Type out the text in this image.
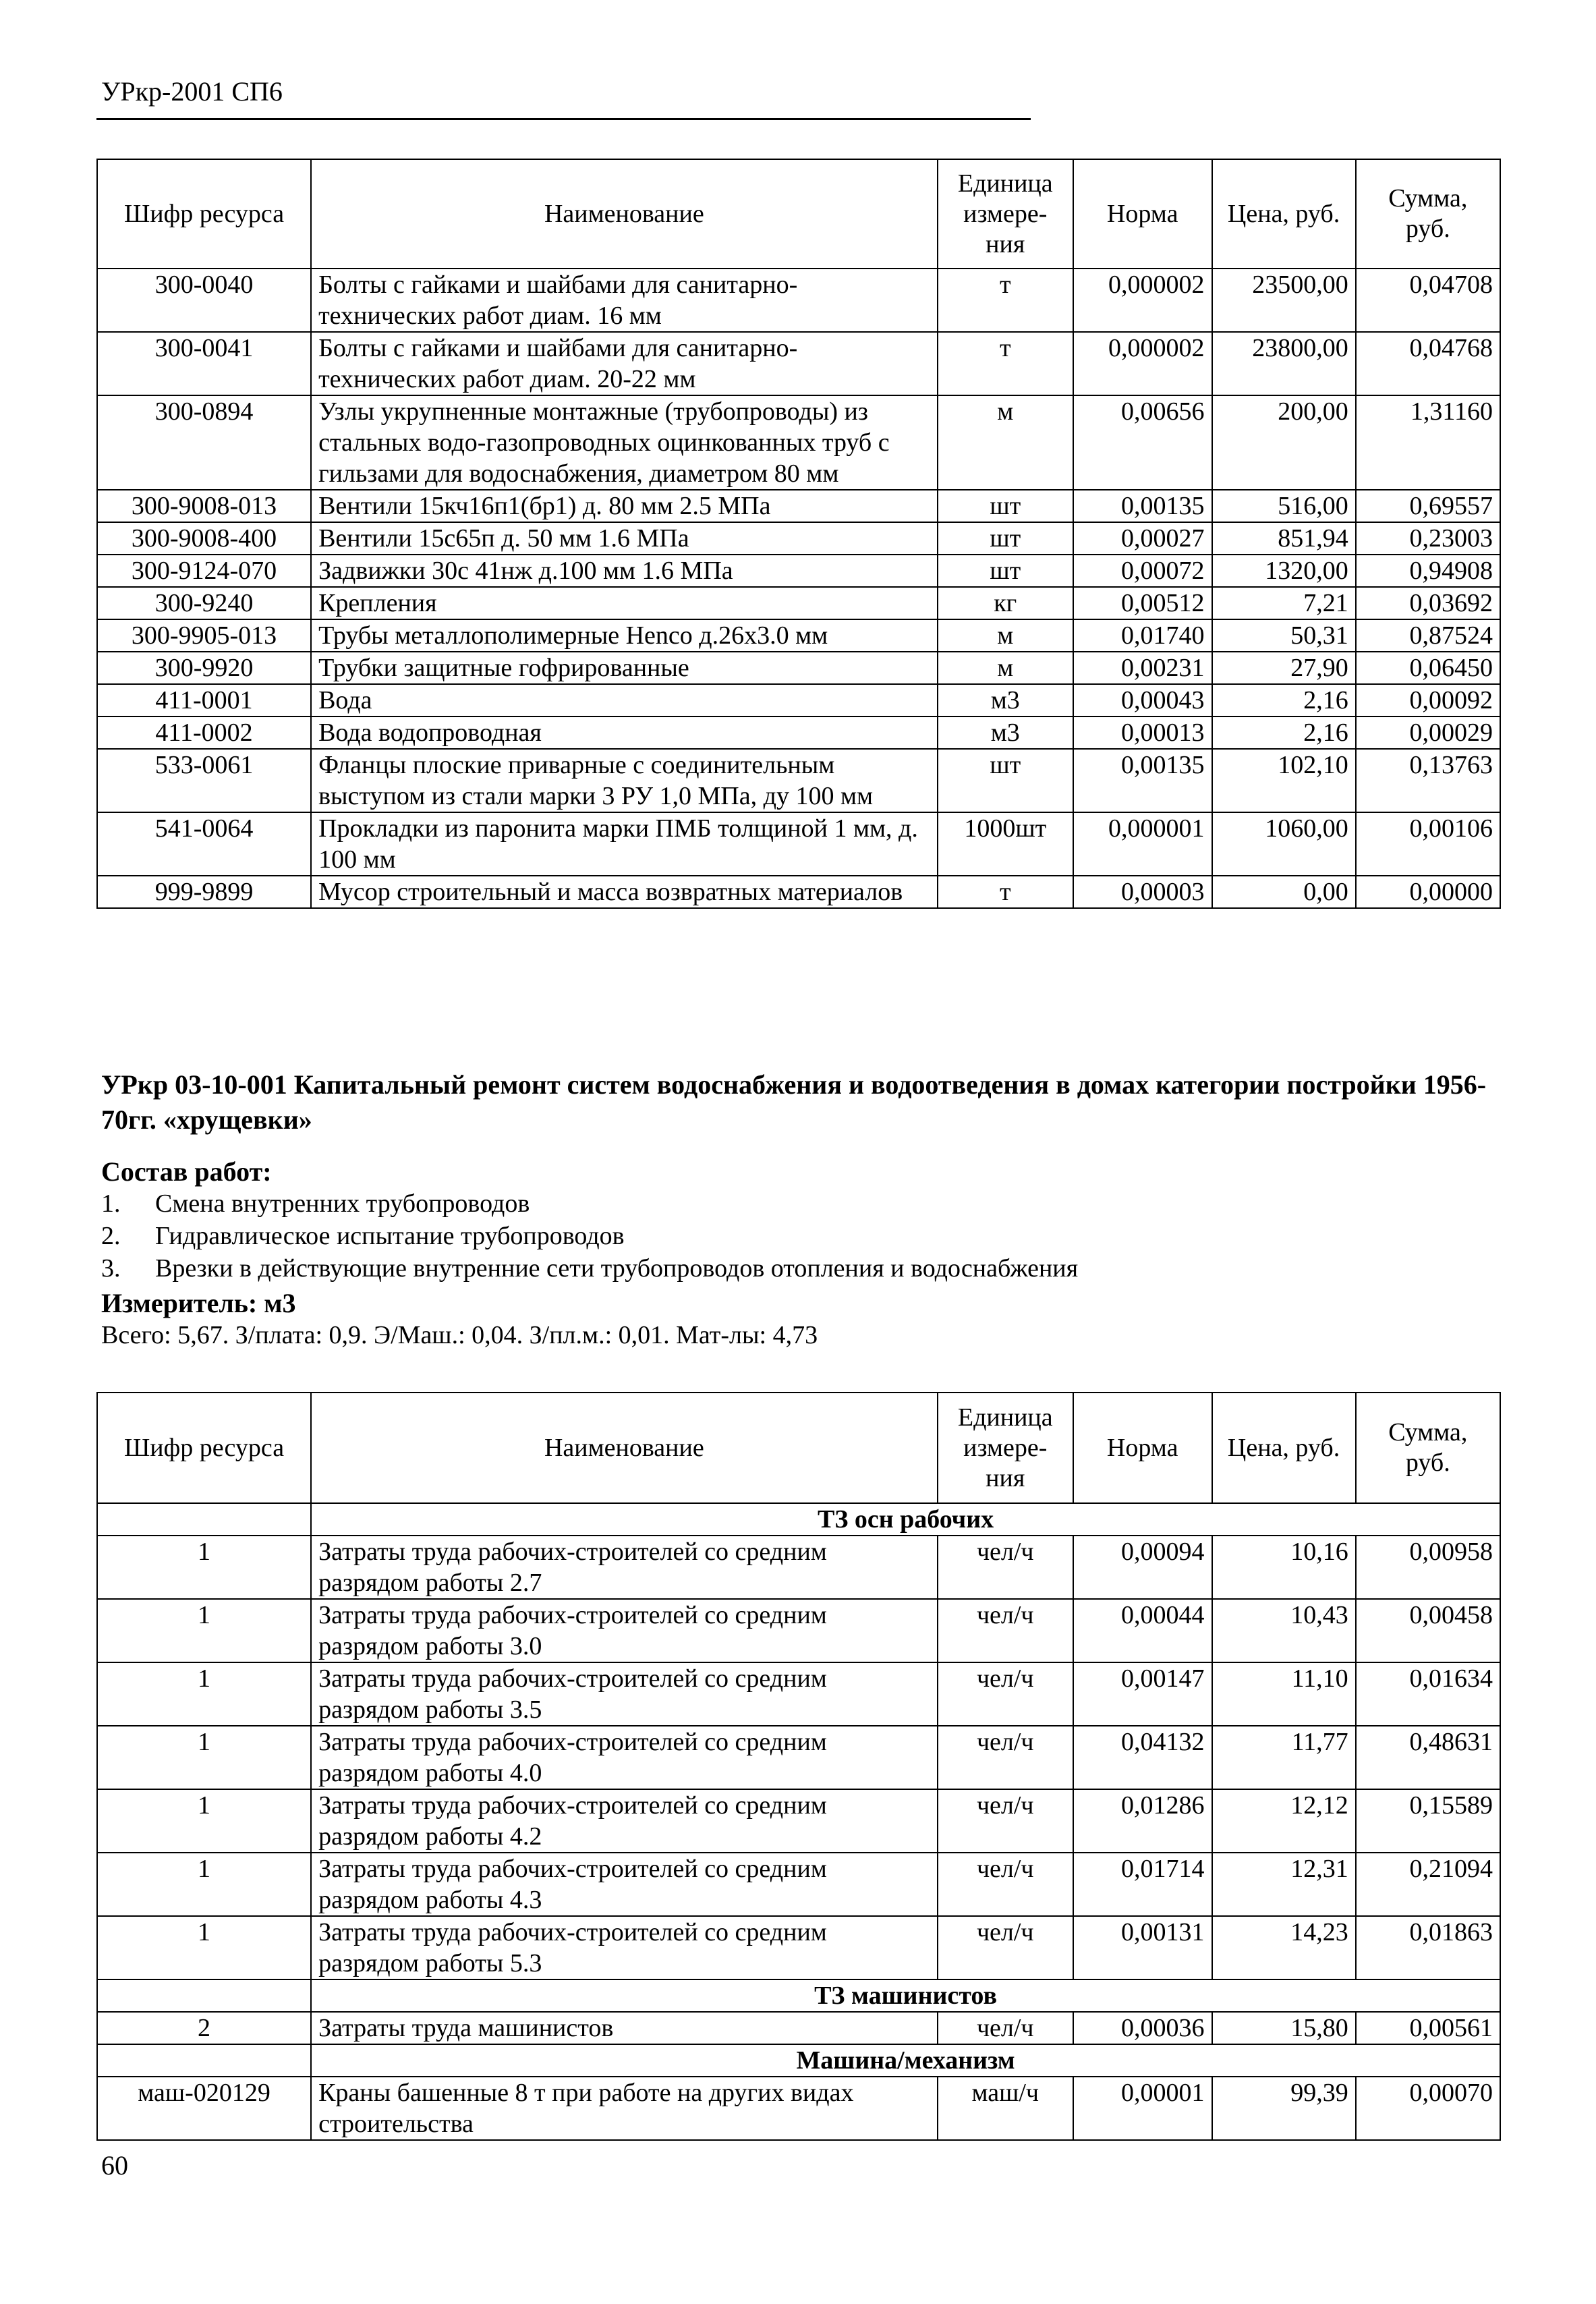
УРкр-2001 СП6
Шифр ресурса	Наименование	Единица измере- ния	Норма	Цена, руб.	Сумма, руб.
300-0040	Болты с гайками и шайбами для санитарно-технических работ диам. 16 мм	т	0,000002	23500,00	0,04708
300-0041	Болты с гайками и шайбами для санитарно-технических работ диам. 20-22 мм	т	0,000002	23800,00	0,04768
300-0894	Узлы укрупненные монтажные (трубопроводы) из стальных водо-газопроводных оцинкованных труб с гильзами для водоснабжения, диаметром 80 мм	м	0,00656	200,00	1,31160
300-9008-013	Вентили 15кч16п1(бр1) д. 80 мм 2.5 МПа	шт	0,00135	516,00	0,69557
300-9008-400	Вентили 15с65п д. 50 мм 1.6 МПа	шт	0,00027	851,94	0,23003
300-9124-070	Задвижки 30с 41нж д.100 мм 1.6 МПа	шт	0,00072	1320,00	0,94908
300-9240	Крепления	кг	0,00512	7,21	0,03692
300-9905-013	Трубы металлополимерные Henco д.26х3.0 мм	м	0,01740	50,31	0,87524
300-9920	Трубки защитные гофрированные	м	0,00231	27,90	0,06450
411-0001	Вода	м3	0,00043	2,16	0,00092
411-0002	Вода водопроводная	м3	0,00013	2,16	0,00029
533-0061	Фланцы плоские приварные с соединительным выступом из стали марки 3 РУ 1,0 МПа, ду 100 мм	шт	0,00135	102,10	0,13763
541-0064	Прокладки из паронита марки ПМБ толщиной 1 мм, д. 100 мм	1000шт	0,000001	1060,00	0,00106
999-9899	Мусор строительный и масса возвратных материалов	т	0,00003	0,00	0,00000
УРкр 03-10-001 Капитальный ремонт систем водоснабжения и водоотведения в домах категории постройки 1956-70гг. «хрущевки»
Состав работ:
1.	Смена внутренних трубопроводов
2.	Гидравлическое испытание трубопроводов
3.	Врезки в действующие внутренние сети трубопроводов отопления и водоснабжения
Измеритель: м3
Всего: 5,67. З/плата: 0,9. Э/Маш.: 0,04. З/пл.м.: 0,01. Мат-лы: 4,73
Шифр ресурса	Наименование	Единица измере- ния	Норма	Цена, руб.	Сумма, руб.
	ТЗ осн рабочих				
1	Затраты труда рабочих-строителей со средним разрядом работы 2.7	чел/ч	0,00094	10,16	0,00958
1	Затраты труда рабочих-строителей со средним разрядом работы 3.0	чел/ч	0,00044	10,43	0,00458
1	Затраты труда рабочих-строителей со средним разрядом работы 3.5	чел/ч	0,00147	11,10	0,01634
1	Затраты труда рабочих-строителей со средним разрядом работы 4.0	чел/ч	0,04132	11,77	0,48631
1	Затраты труда рабочих-строителей со средним разрядом работы 4.2	чел/ч	0,01286	12,12	0,15589
1	Затраты труда рабочих-строителей со средним разрядом работы 4.3	чел/ч	0,01714	12,31	0,21094
1	Затраты труда рабочих-строителей со средним разрядом работы 5.3	чел/ч	0,00131	14,23	0,01863
	ТЗ машинистов				
2	Затраты труда машинистов	чел/ч	0,00036	15,80	0,00561
	Машина/механизм				
маш-020129	Краны башенные 8 т при работе на других видах строительства	маш/ч	0,00001	99,39	0,00070
60
